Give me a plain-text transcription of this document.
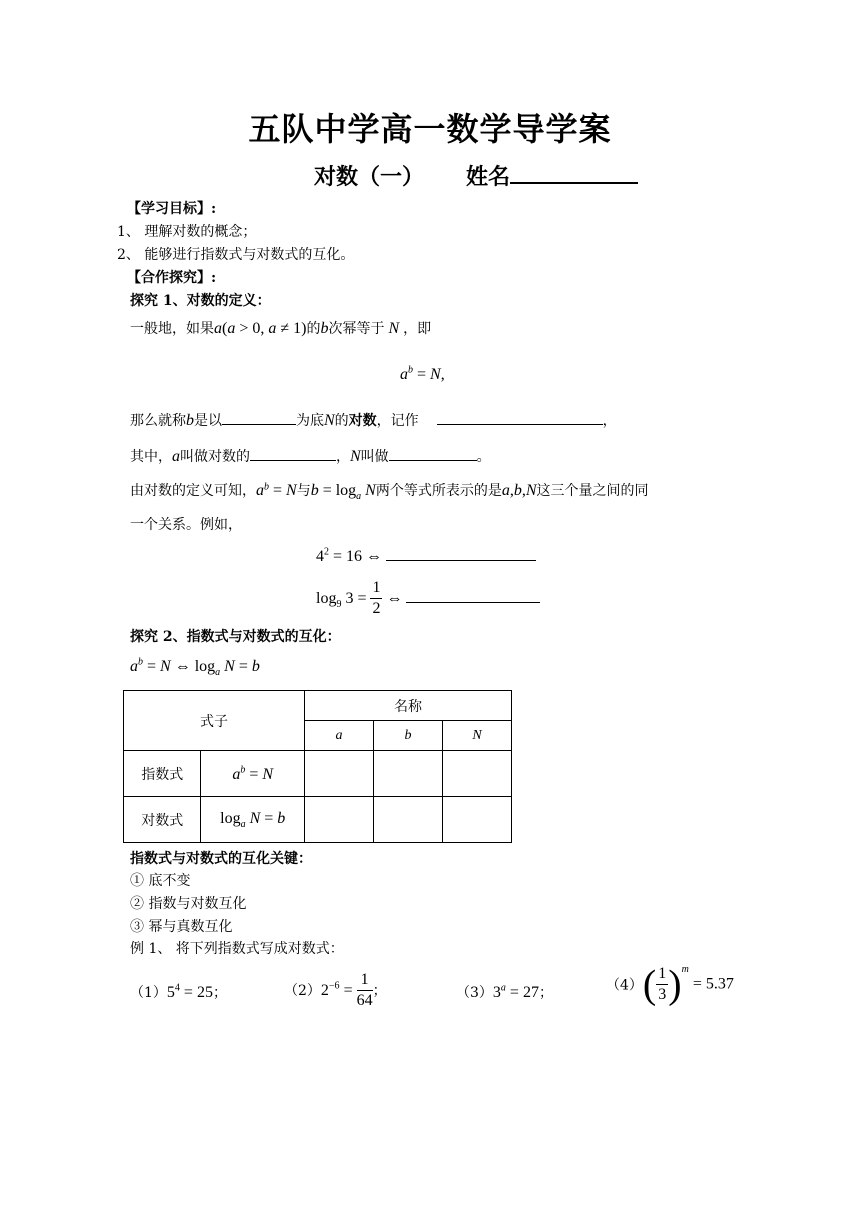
五队中学高一数学导学案
对数（一） 姓名
【学习目标】:
1、 理解对数的概念；
2、 能够进行指数式与对数式的互化。
【合作探究】:
探究 1、对数的定义：
一般地，如果a(a > 0, a ≠ 1)的b次幂等于 N ，即
$a^b = N$,
那么就称b是以	为底N的对数，记作	，
其中，a叫做对数的	，N叫做	。
由对数的定义可知，$a^b = N$与$b = \log_a N$两个等式所表示的是a,b,N这三个量之间的同
一个关系。例如，
$4^2 = 16$ ⇔
$\log_9 3 = \frac{1}{2}$ ⇔
探究 2、指数式与对数式的互化：
$a^b = N$ ⇔ $\log_a N = b$
式子		名称		
		a	b	N
指数式	$a^b = N$			
对数式	$\log_a N = b$			
指数式与对数式的互化关键：
① 底不变
② 指数与对数互化
③ 幂与真数互化
例 1、 将下列指数式写成对数式：
$(1)5^4 = 25$；	$(2)2^{-6} = \frac{1}{64}$ ；	$(3)3^a = 27$；	$(4)( \frac{1}{3} )^m = 5.37$
